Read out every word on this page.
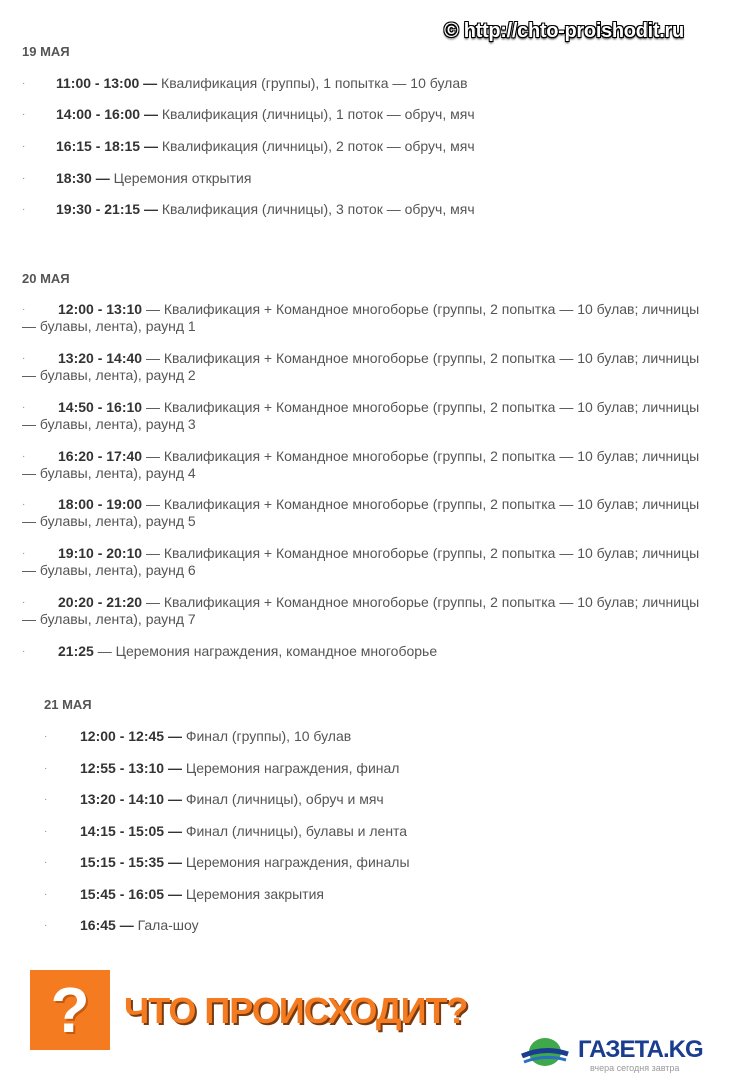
© http://chto-proishodit.ru
19 МАЯ
· 11:00 - 13:00 — Квалификация (группы), 1 попытка — 10 булав
· 14:00 - 16:00 — Квалификация (личницы), 1 поток — обруч, мяч
· 16:15 - 18:15 — Квалификация (личницы), 2 поток — обруч, мяч
· 18:30 — Церемония открытия
· 19:30 - 21:15 — Квалификация (личницы), 3 поток — обруч, мяч
20 МАЯ
·	12:00 - 13:10 — Квалификация + Командное многоборье (группы, 2 попытка — 10 булав; личницы — булавы, лента), раунд 1
·	13:20 - 14:40 — Квалификация + Командное многоборье (группы, 2 попытка — 10 булав; личницы — булавы, лента), раунд 2
·	14:50 - 16:10 — Квалификация + Командное многоборье (группы, 2 попытка — 10 булав; личницы — булавы, лента), раунд 3
·	16:20 - 17:40 — Квалификация + Командное многоборье (группы, 2 попытка — 10 булав; личницы — булавы, лента), раунд 4
·	18:00 - 19:00 — Квалификация + Командное многоборье (группы, 2 попытка — 10 булав; личницы — булавы, лента), раунд 5
·	19:10 - 20:10 — Квалификация + Командное многоборье (группы, 2 попытка — 10 булав; личницы — булавы, лента), раунд 6
·	20:20 - 21:20 — Квалификация + Командное многоборье (группы, 2 попытка — 10 булав; личницы — булавы, лента), раунд 7
·	21:25 — Церемония награждения, командное многоборье
21 МАЯ
· 12:00 - 12:45 — Финал (группы), 10 булав
· 12:55 - 13:10 — Церемония награждения, финал
· 13:20 - 14:10 — Финал (личницы), обруч и мяч
· 14:15 - 15:05 — Финал (личницы), булавы и лента
· 15:15 - 15:35 — Церемония награждения, финалы
· 15:45 - 16:05 — Церемония закрытия
· 16:45 — Гала-шоу
? ЧТО ПРОИСХОДИТ?
ГАЗЕТА.KG
вчера сегодня завтра
